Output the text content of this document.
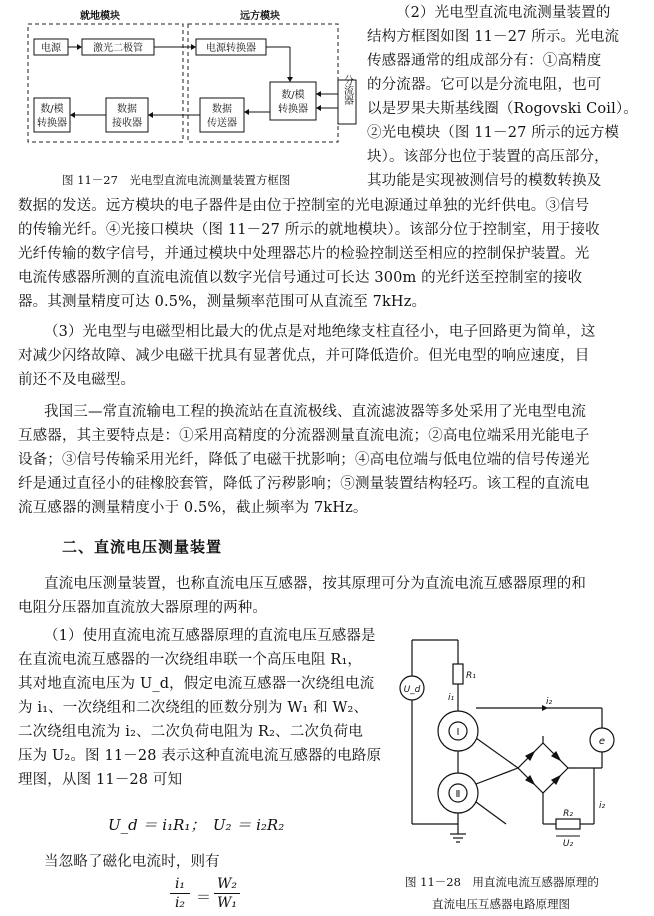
就地模块	远方模块
电源	激光二极管	电源转换器
数/模
转换器
分流器
数/模
转换器
数据
接收器
数据
传送器
图 11－27　光电型直流电流测量装置方框图
（2）光电型直流电流测量装置的
结构方框图如图 11－27 所示。光电流
传感器通常的组成部分有：①高精度
的分流器。它可以是分流电阻，也可
以是罗果夫斯基线圈（Rogovski Coil）。
②光电模块（图 11－27 所示的远方模
块）。该部分也位于装置的高压部分，
其功能是实现被测信号的模数转换及
数据的发送。远方模块的电子器件是由位于控制室的光电源通过单独的光纤供电。③信号
的传输光纤。④光接口模块（图 11－27 所示的就地模块）。该部分位于控制室，用于接收
光纤传输的数字信号，并通过模块中处理器芯片的检验控制送至相应的控制保护装置。光
电流传感器所测的直流电流值以数字光信号通过可长达 300m 的光纤送至控制室的接收
器。其测量精度可达 0.5%，测量频率范围可从直流至 7kHz。
（3）光电型与电磁型相比最大的优点是对地绝缘支柱直径小，电子回路更为简单，这
对减少闪络故障、减少电磁干扰具有显著优点，并可降低造价。但光电型的响应速度，目
前还不及电磁型。
我国三—常直流输电工程的换流站在直流极线、直流滤波器等多处采用了光电型电流
互感器，其主要特点是：①采用高精度的分流器测量直流电流；②高电位端采用光能电子
设备；③信号传输采用光纤，降低了电磁干扰影响；④高电位端与低电位端的信号传递光
纤是通过直径小的硅橡胶套管，降低了污秽影响；⑤测量装置结构轻巧。该工程的直流电
流互感器的测量精度小于 0.5%，截止频率为 7kHz。
二、直流电压测量装置
直流电压测量装置，也称直流电压互感器，按其原理可分为直流电流互感器原理的和
电阻分压器加直流放大器原理的两种。
（1）使用直流电流互感器原理的直流电压互感器是
在直流电流互感器的一次绕组串联一个高压电阻 R₁，
其对地直流电压为 U_d，假定电流互感器一次绕组电流
为 i₁、一次绕组和二次绕组的匝数分别为 W₁ 和 W₂、
二次绕组电流为 i₂、二次负荷电阻为 R₂、二次负荷电
压为 U₂。图 11－28 表示这种直流电流互感器的电路原
理图，从图 11－28 可知
U_d ＝ i₁R₁；　U₂ ＝ i₂R₂
当忽略了磁化电流时，则有
i₁
i₂ ＝
W₂
W₁
U_d
R₁
i₁
Ⅰ
Ⅱ
i₂
e
R₂
U₂
i₂
图 11－28　用直流电流互感器原理的
直流电压互感器电路原理图
